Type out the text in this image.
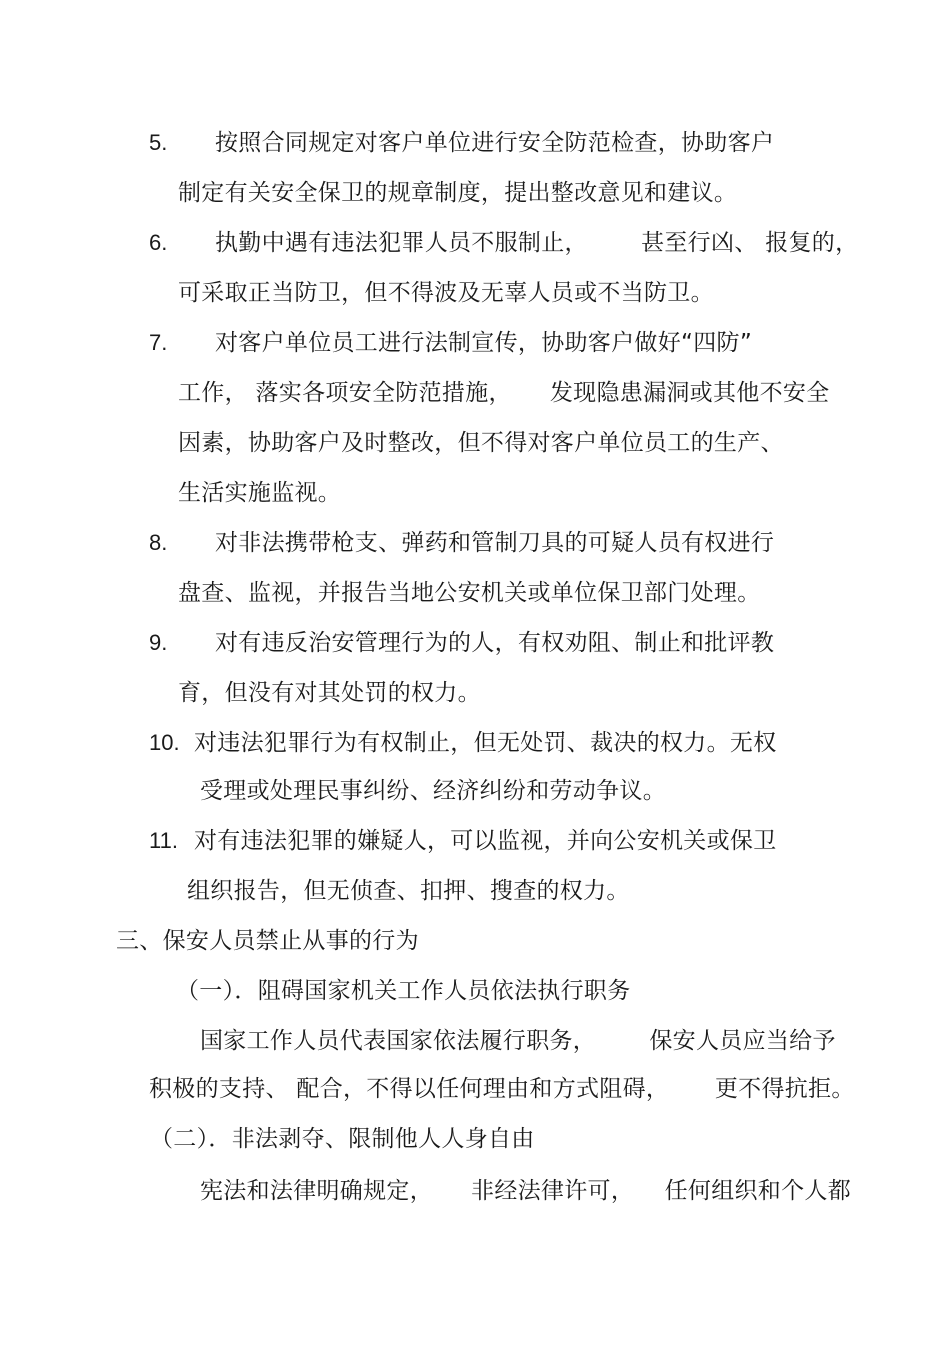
5. 按照合同规定对客户单位进行安全防范检查，协助客户
制定有关安全保卫的规章制度，提出整改意见和建议。
6. 执勤中遇有违法犯罪人员不服制止，       甚至行凶、 报复的，
可采取正当防卫，但不得波及无辜人员或不当防卫。
7. 对客户单位员工进行法制宣传，协助客户做好“四防”
工作， 落实各项安全防范措施，     发现隐患漏洞或其他不安全
因素，协助客户及时整改，但不得对客户单位员工的生产、
生活实施监视。
8. 对非法携带枪支、弹药和管制刀具的可疑人员有权进行
盘查、监视，并报告当地公安机关或单位保卫部门处理。
9. 对有违反治安管理行为的人，有权劝阻、制止和批评教
育，但没有对其处罚的权力。
10. 对违法犯罪行为有权制止，但无处罚、裁决的权力。无权
受理或处理民事纠纷、经济纠纷和劳动争议。
11. 对有违法犯罪的嫌疑人，可以监视，并向公安机关或保卫
组织报告，但无侦查、扣押、搜查的权力。
三、保安人员禁止从事的行为
（一）．阻碍国家机关工作人员依法执行职务
国家工作人员代表国家依法履行职务，       保安人员应当给予
积极的支持、 配合，不得以任何理由和方式阻碍，      更不得抗拒。
（二）．非法剥夺、限制他人人身自由
宪法和法律明确规定，     非经法律许可，    任何组织和个人都
